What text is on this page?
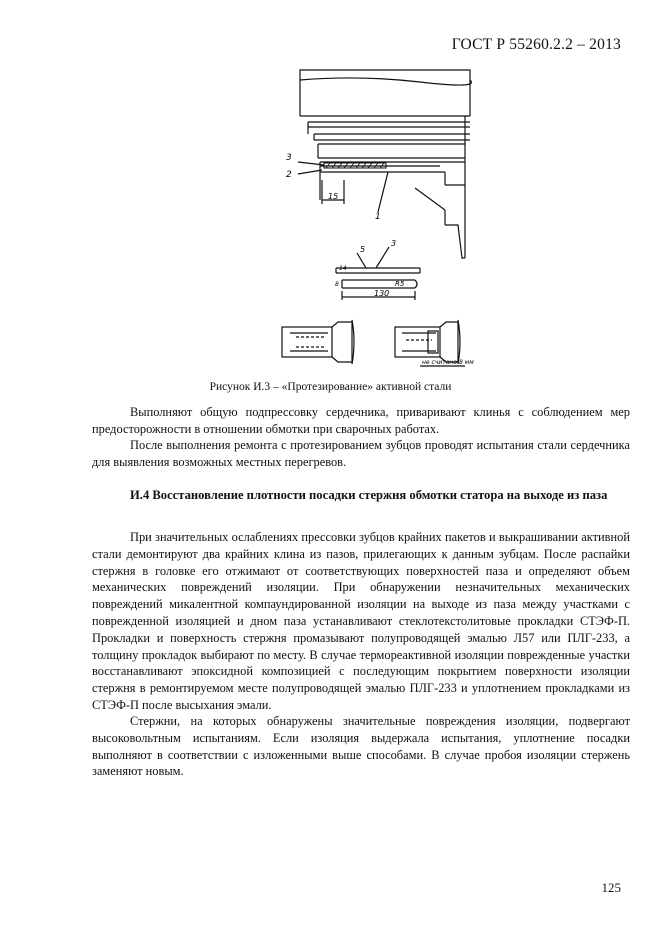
ГОСТ Р 55260.2.2 – 2013
3
2
1
15
5
3
14
8	R5
130
не считано 8 мм
Рисунок И.3 – «Протезирование» активной стали

Выполняют общую подпрессовку сердечника, приваривают клинья с соблюдением мер предосторожности в отношении обмотки при сварочных работах.

После выполнения ремонта с протезированием зубцов проводят испытания стали сердечника для выявления возможных местных перегревов.

И.4 Восстановление плотности посадки стержня обмотки статора на выходе из паза

При значительных ослаблениях прессовки зубцов крайних пакетов и выкрашивании активной стали демонтируют два крайних клина из пазов, прилегающих к данным зубцам. После распайки стержня в головке его отжимают от соответствующих поверхностей паза и определяют объем механических повреждений изоляции. При обнаружении незначительных механических повреждений микалентной компаундированной изоляции на выходе из паза между участками с поврежденной изоляцией и дном паза устанавливают стеклотекстолитовые прокладки СТЭФ-П. Прокладки и поверхность стержня промазывают полупроводящей эмалью Л57 или ПЛГ-233, а толщину прокладок выбирают по месту. В случае термореактивной изоляции поврежденные участки восстанавливают эпоксидной композицией с последующим покрытием поверхности изоляции стержня в ремонтируемом месте полупроводящей эмалью ПЛГ-233 и уплотнением прокладками из СТЭФ-П после высыхания эмали.

Стержни, на которых обнаружены значительные повреждения изоляции, подвергают высоковольтным испытаниям. Если изоляция выдержала испытания, уплотнение посадки выполняют в соответствии с изложенными выше способами. В случае пробоя изоляции стержень заменяют новым.

125
